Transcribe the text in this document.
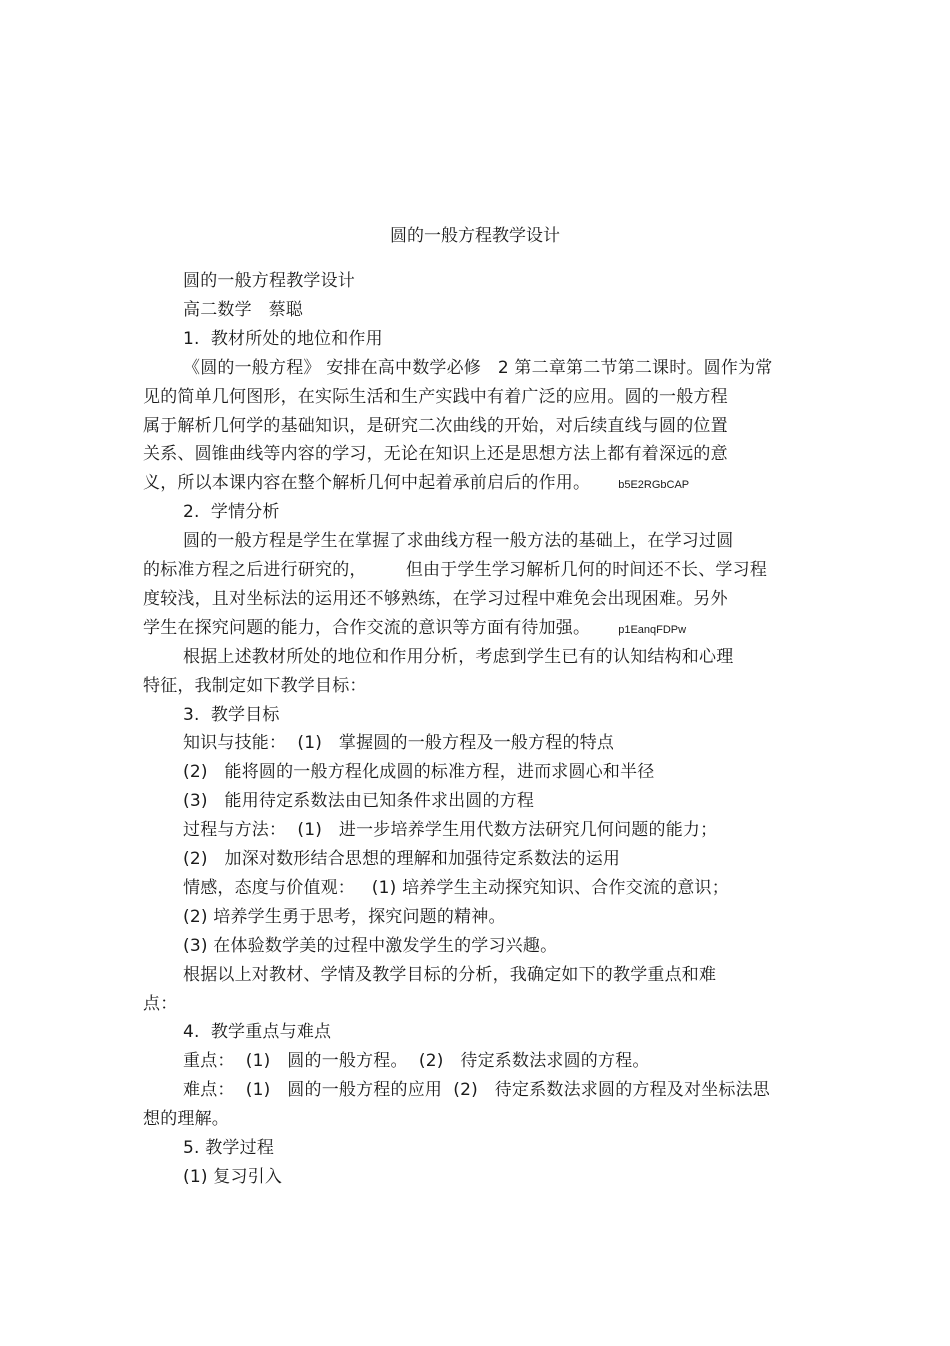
圆的一般方程教学设计
圆的一般方程教学设计
高二数学   蔡聪
1.  教材所处的地位和作用
《圆的一般方程》 安排在高中数学必修   2 第二章第二节第二课时。圆作为常
见的简单几何图形，在实际生活和生产实践中有着广泛的应用。圆的一般方程
属于解析几何学的基础知识，是研究二次曲线的开始，对后续直线与圆的位置
关系、圆锥曲线等内容的学习，无论在知识上还是思想方法上都有着深远的意
义，所以本课内容在整个解析几何中起着承前启后的作用。	b5E2RGbCAP
2.  学情分析
圆的一般方程是学生在掌握了求曲线方程一般方法的基础上，在学习过圆
的标准方程之后进行研究的，       但由于学生学习解析几何的时间还不长、学习程
度较浅，且对坐标法的运用还不够熟练，在学习过程中难免会出现困难。另外
学生在探究问题的能力，合作交流的意识等方面有待加强。	p1EanqFDPw
根据上述教材所处的地位和作用分析，考虑到学生已有的认知结构和心理
特征，我制定如下教学目标：
3.  教学目标
知识与技能：  (1)   掌握圆的一般方程及一般方程的特点
(2)   能将圆的一般方程化成圆的标准方程，进而求圆心和半径
(3)   能用待定系数法由已知条件求出圆的方程
过程与方法：  (1)   进一步培养学生用代数方法研究几何问题的能力；
(2)   加深对数形结合思想的理解和加强待定系数法的运用
情感，态度与价值观：   (1) 培养学生主动探究知识、合作交流的意识；
(2) 培养学生勇于思考，探究问题的精神。
(3) 在体验数学美的过程中激发学生的学习兴趣。
根据以上对教材、学情及教学目标的分析，我确定如下的教学重点和难
点：
4.  教学重点与难点
重点：  (1)   圆的一般方程。  (2)   待定系数法求圆的方程。
难点：  (1)   圆的一般方程的应用  (2)   待定系数法求圆的方程及对坐标法思
想的理解。
5. 教学过程
(1) 复习引入
